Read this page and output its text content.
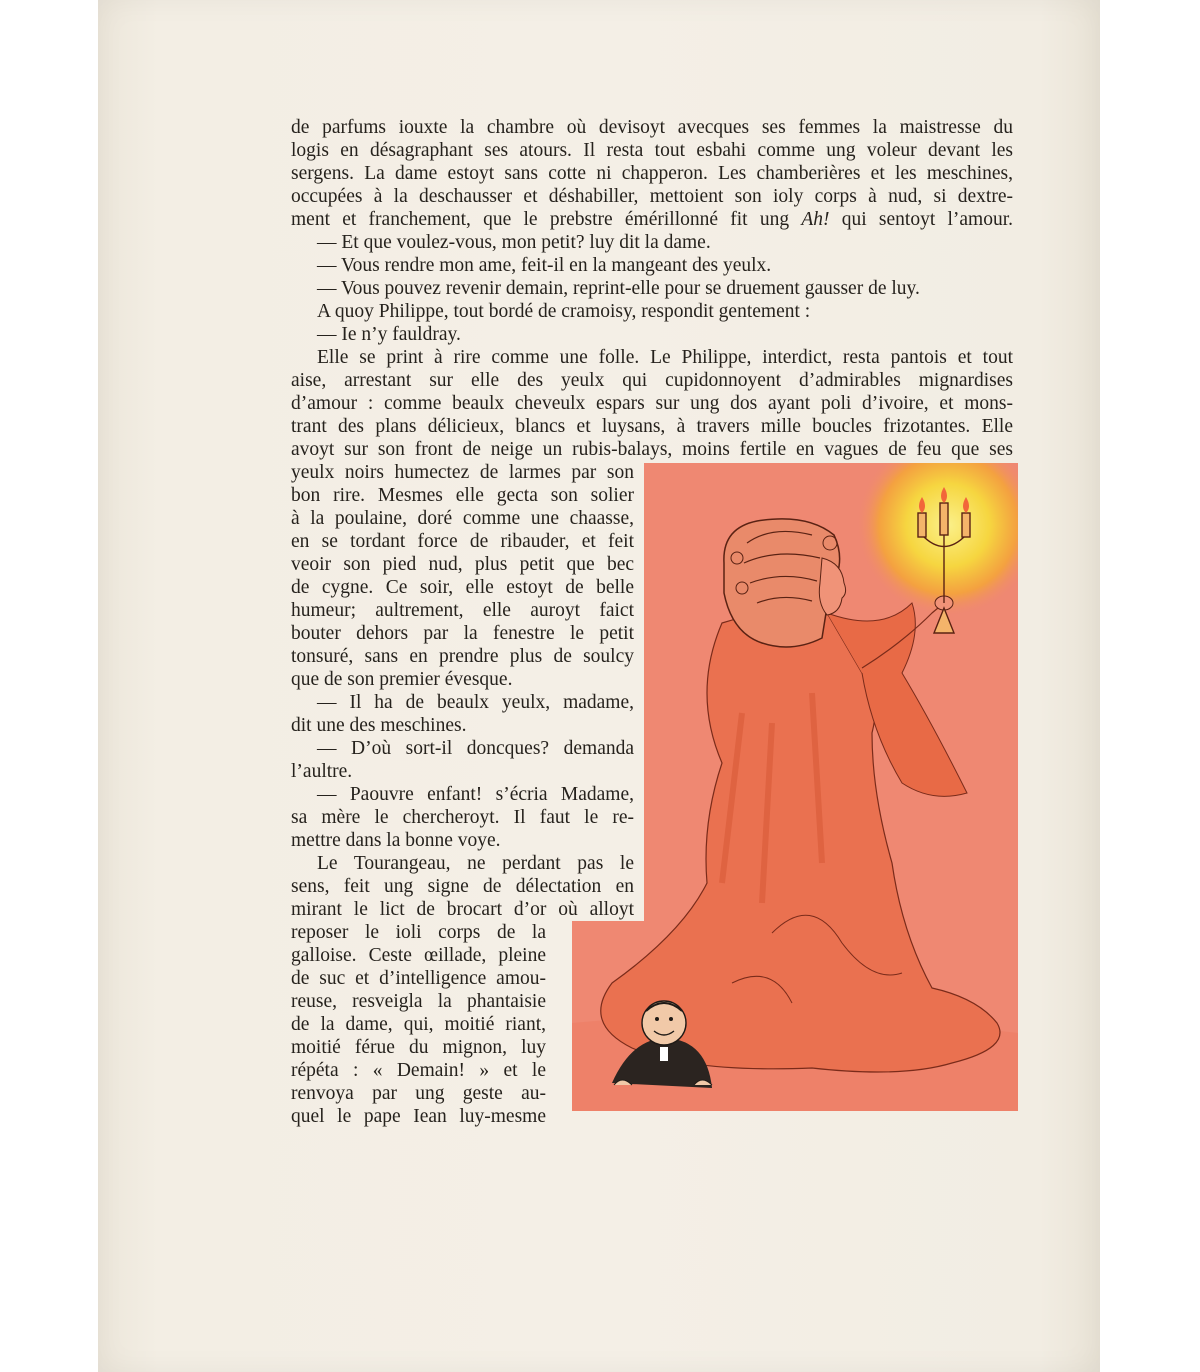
de parfums iouxte la chambre où devisoyt avecques ses femmes la maistresse du
logis en désagraphant ses atours. Il resta tout esbahi comme ung voleur devant les
sergens. La dame estoyt sans cotte ni chapperon. Les chamberières et les meschines,
occupées à la deschausser et déshabiller, mettoient son ioly corps à nud, si dextre-
ment et franchement, que le prebstre émérillonné fit ung Ah! qui sentoyt l’amour.
— Et que voulez-vous, mon petit? luy dit la dame.
— Vous rendre mon ame, feit-il en la mangeant des yeulx.
— Vous pouvez revenir demain, reprint-elle pour se druement gausser de luy.
A quoy Philippe, tout bordé de cramoisy, respondit gentement :
— Ie n’y fauldray.
Elle se print à rire comme une folle. Le Philippe, interdict, resta pantois et tout
aise, arrestant sur elle des yeulx qui cupidonnoyent d’admirables mignardises
d’amour : comme beaulx cheveulx espars sur ung dos ayant poli d’ivoire, et mons-
trant des plans délicieux, blancs et luysans, à travers mille boucles frizotantes. Elle
avoyt sur son front de neige un rubis-balays, moins fertile en vagues de feu que ses
yeulx noirs humectez de larmes par son
bon rire. Mesmes elle gecta son solier
à la poulaine, doré comme une chaasse,
en se tordant force de ribauder, et feit
veoir son pied nud, plus petit que bec
de cygne. Ce soir, elle estoyt de belle
humeur; aultrement, elle auroyt faict
bouter dehors par la fenestre le petit
tonsuré, sans en prendre plus de soulcy
que de son premier évesque.
— Il ha de beaulx yeulx, madame,
dit une des meschines.
— D’où sort-il doncques? demanda
l’aultre.
— Paouvre enfant! s’écria Madame,
sa mère le chercheroyt. Il faut le re-
mettre dans la bonne voye.
Le Tourangeau, ne perdant pas le
sens, feit ung signe de délectation en
mirant le lict de brocart d’or où alloyt
reposer le ioli corps de la
galloise. Ceste œillade, pleine
de suc et d’intelligence amou-
reuse, resveigla la phantaisie
de la dame, qui, moitié riant,
moitié férue du mignon, luy
répéta : « Demain! » et le
renvoya par ung geste au-
quel le pape Iean luy-mesme
